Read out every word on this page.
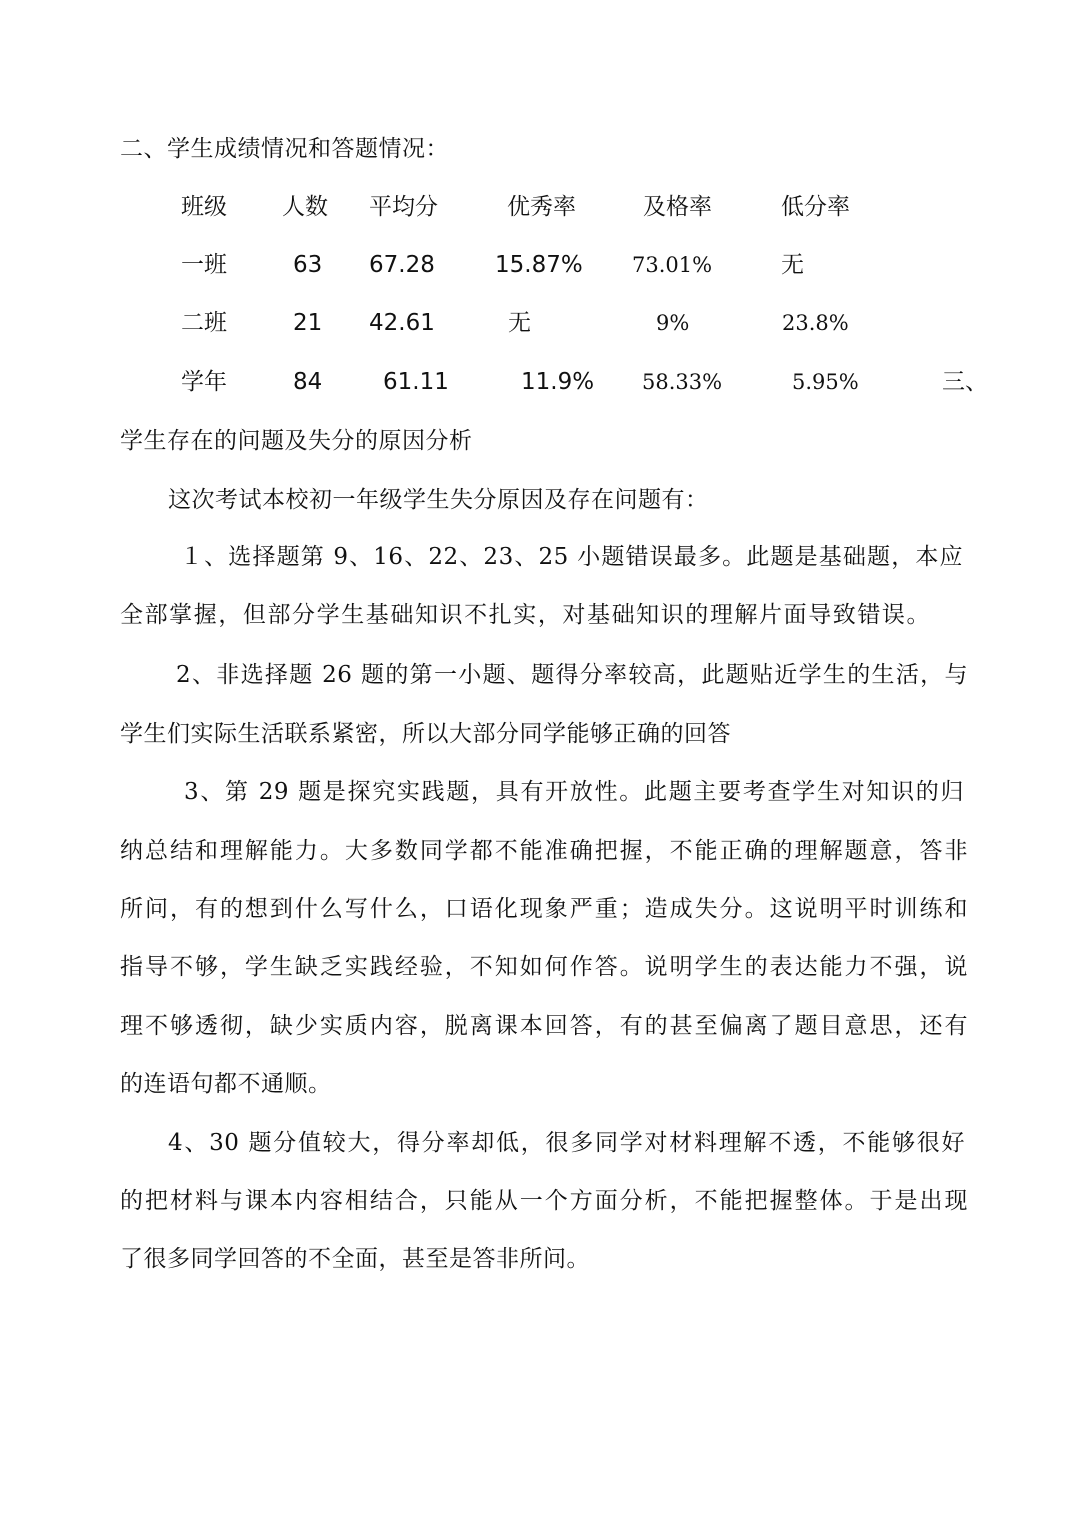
二、学生成绩情况和答题情况：
班级 人数 平均分	优秀率	及格率	低分率
一班	63 67.28	15.87% 73.01%	无
二班	21 42.61	无	9%	23.8%
学年	84	61.11	11.9% 58.33%	5.95%	三、
学生存在的问题及失分的原因分析
这次考试本校初一年级学生失分原因及存在问题有：
１、选择题第 9、16、22、23、25 小题错误最多。此题是基础题，本应
全部掌握，但部分学生基础知识不扎实，对基础知识的理解片面导致错误。
2、非选择题 26 题的第一小题、题得分率较高，此题贴近学生的生活，与
学生们实际生活联系紧密，所以大部分同学能够正确的回答
3、第 29 题是探究实践题，具有开放性。此题主要考查学生对知识的归
纳总结和理解能力。大多数同学都不能准确把握，不能正确的理解题意，答非
所问，有的想到什么写什么，口语化现象严重；造成失分。这说明平时训练和
指导不够，学生缺乏实践经验，不知如何作答。说明学生的表达能力不强，说
理不够透彻，缺少实质内容，脱离课本回答，有的甚至偏离了题目意思，还有
的连语句都不通顺。
4、30 题分值较大，得分率却低，很多同学对材料理解不透，不能够很好
的把材料与课本内容相结合，只能从一个方面分析，不能把握整体。于是出现
了很多同学回答的不全面，甚至是答非所问。
